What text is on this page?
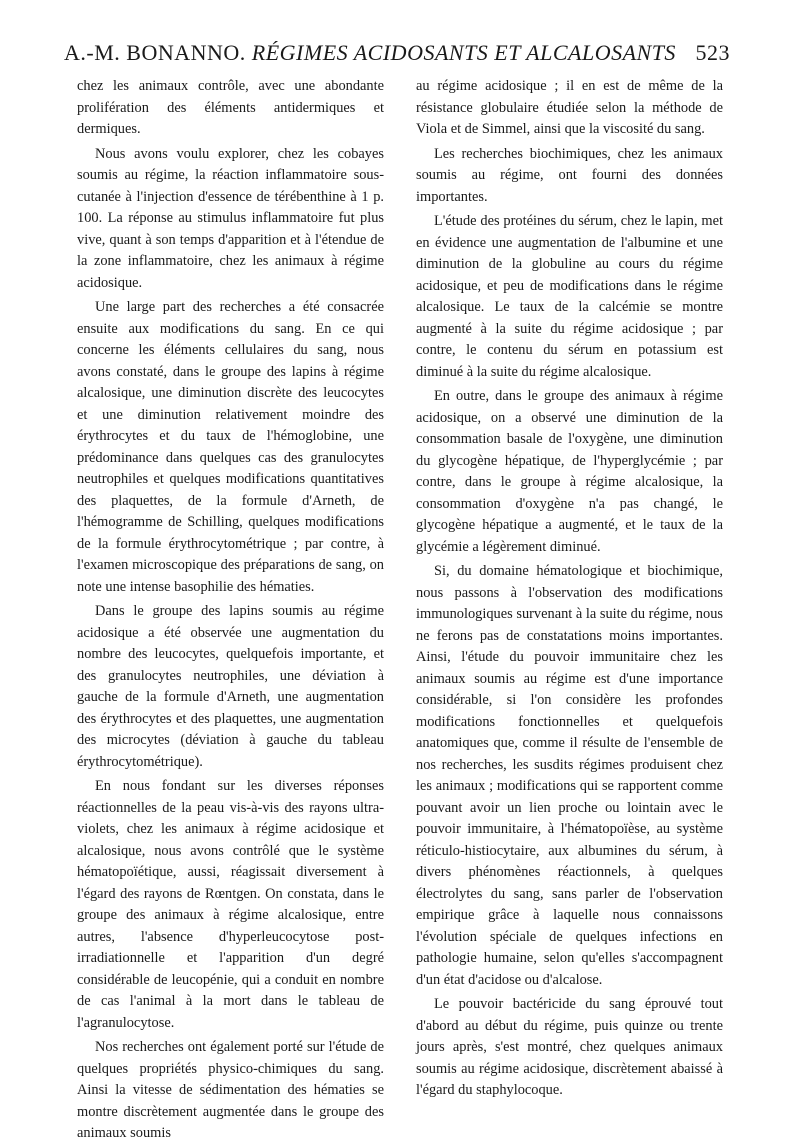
A.-M. BONANNO. RÉGIMES ACIDOSANTS ET ALCALOSANTS 523

chez les animaux contrôle, avec une abondante prolifération des éléments antidermiques et dermiques.

Nous avons voulu explorer, chez les cobayes soumis au régime, la réaction inflammatoire sous-cutanée à l'injection d'essence de térébenthine à 1 p. 100. La réponse au stimulus inflammatoire fut plus vive, quant à son temps d'apparition et à l'étendue de la zone inflammatoire, chez les animaux à régime acidosique.

Une large part des recherches a été consacrée ensuite aux modifications du sang. En ce qui concerne les éléments cellulaires du sang, nous avons constaté, dans le groupe des lapins à régime alcalosique, une diminution discrète des leucocytes et une diminution relativement moindre des érythrocytes et du taux de l'hémoglobine, une prédominance dans quelques cas des granulocytes neutrophiles et quelques modifications quantitatives des plaquettes, de la formule d'Arneth, de l'hémogramme de Schilling, quelques modifications de la formule érythrocytométrique ; par contre, à l'examen microscopique des préparations de sang, on note une intense basophilie des hématies.

Dans le groupe des lapins soumis au régime acidosique a été observée une augmentation du nombre des leucocytes, quelquefois importante, et des granulocytes neutrophiles, une déviation à gauche de la formule d'Arneth, une augmentation des érythrocytes et des plaquettes, une augmentation des microcytes (déviation à gauche du tableau érythrocytométrique).

En nous fondant sur les diverses réponses réactionnelles de la peau vis-à-vis des rayons ultra-violets, chez les animaux à régime acidosique et alcalosique, nous avons contrôlé que le système hématopoïétique, aussi, réagissait diversement à l'égard des rayons de Rœntgen. On constata, dans le groupe des animaux à régime alcalosique, entre autres, l'absence d'hyperleucocytose post-irradiationnelle et l'apparition d'un degré considérable de leucopénie, qui a conduit en nombre de cas l'animal à la mort dans le tableau de l'agranulocytose.

Nos recherches ont également porté sur l'étude de quelques propriétés physico-chimiques du sang. Ainsi la vitesse de sédimentation des hématies se montre discrètement augmentée dans le groupe des animaux soumis

au régime acidosique ; il en est de même de la résistance globulaire étudiée selon la méthode de Viola et de Simmel, ainsi que la viscosité du sang.

Les recherches biochimiques, chez les animaux soumis au régime, ont fourni des données importantes.

L'étude des protéines du sérum, chez le lapin, met en évidence une augmentation de l'albumine et une diminution de la globuline au cours du régime acidosique, et peu de modifications dans le régime alcalosique. Le taux de la calcémie se montre augmenté à la suite du régime acidosique ; par contre, le contenu du sérum en potassium est diminué à la suite du régime alcalosique.

En outre, dans le groupe des animaux à régime acidosique, on a observé une diminution de la consommation basale de l'oxygène, une diminution du glycogène hépatique, de l'hyperglycémie ; par contre, dans le groupe à régime alcalosique, la consommation d'oxygène n'a pas changé, le glycogène hépatique a augmenté, et le taux de la glycémie a légèrement diminué.

Si, du domaine hématologique et biochimique, nous passons à l'observation des modifications immunologiques survenant à la suite du régime, nous ne ferons pas de constatations moins importantes. Ainsi, l'étude du pouvoir immunitaire chez les animaux soumis au régime est d'une importance considérable, si l'on considère les profondes modifications fonctionnelles et quelquefois anatomiques que, comme il résulte de l'ensemble de nos recherches, les susdits régimes produisent chez les animaux ; modifications qui se rapportent comme pouvant avoir un lien proche ou lointain avec le pouvoir immunitaire, à l'hématopoïèse, au système réticulo-histiocytaire, aux albumines du sérum, à divers phénomènes réactionnels, à quelques électrolytes du sang, sans parler de l'observation empirique grâce à laquelle nous connaissons l'évolution spéciale de quelques infections en pathologie humaine, selon qu'elles s'accompagnent d'un état d'acidose ou d'alcalose.

Le pouvoir bactéricide du sang éprouvé tout d'abord au début du régime, puis quinze ou trente jours après, s'est montré, chez quelques animaux soumis au régime acidosique, discrètement abaissé à l'égard du staphylocoque.
